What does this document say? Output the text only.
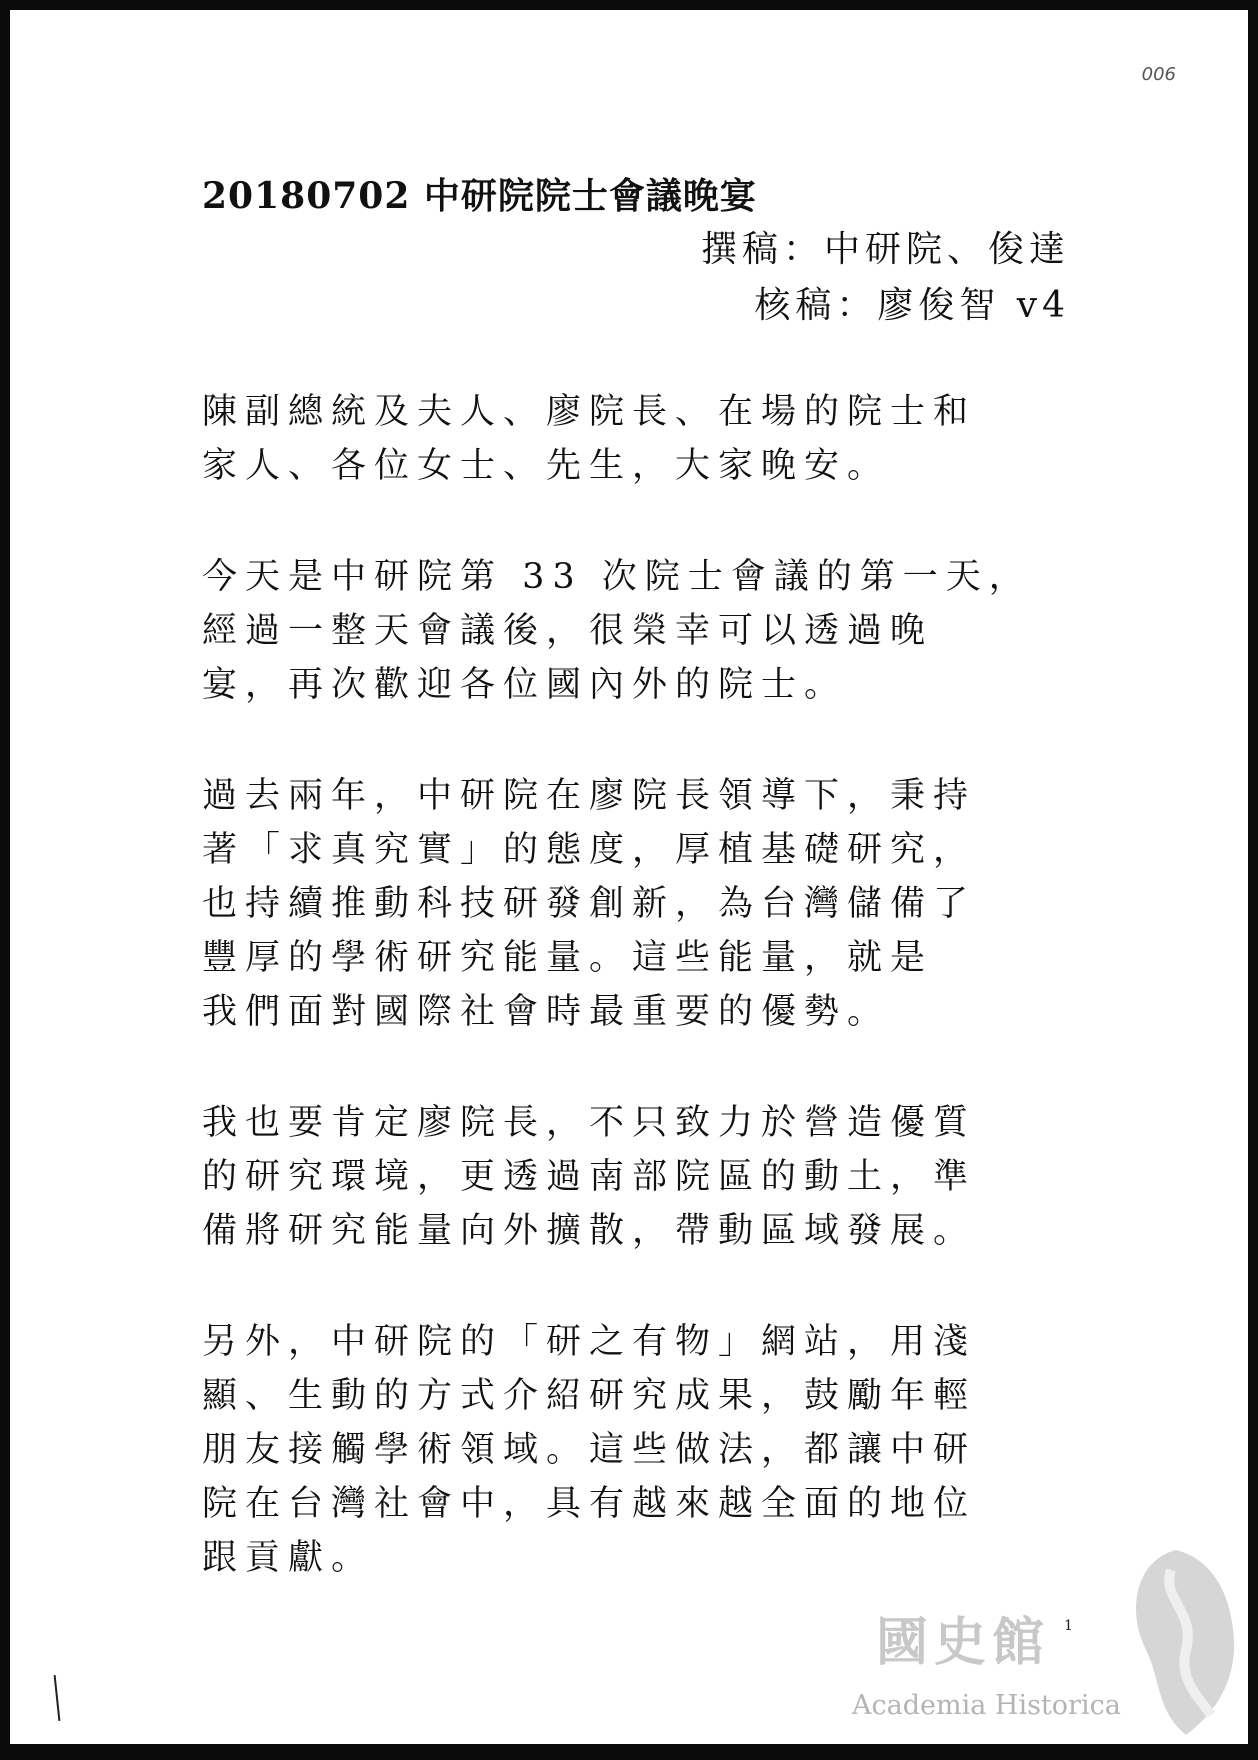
006
20180702 中研院院士會議晚宴
撰稿：中研院、俊達
核稿：廖俊智 v4
陳副總統及夫人、廖院長、在場的院士和
家人、各位女士、先生，大家晚安。
今天是中研院第 33 次院士會議的第一天，
經過一整天會議後，很榮幸可以透過晚
宴，再次歡迎各位國內外的院士。
過去兩年，中研院在廖院長領導下，秉持
著「求真究實」的態度，厚植基礎研究，
也持續推動科技研發創新，為台灣儲備了
豐厚的學術研究能量。這些能量，就是
我們面對國際社會時最重要的優勢。
我也要肯定廖院長，不只致力於營造優質
的研究環境，更透過南部院區的動土，準
備將研究能量向外擴散，帶動區域發展。
另外，中研院的「研之有物」網站，用淺
顯、生動的方式介紹研究成果，鼓勵年輕
朋友接觸學術領域。這些做法，都讓中研
院在台灣社會中，具有越來越全面的地位
跟貢獻。
1
國史館
Academia Historica
